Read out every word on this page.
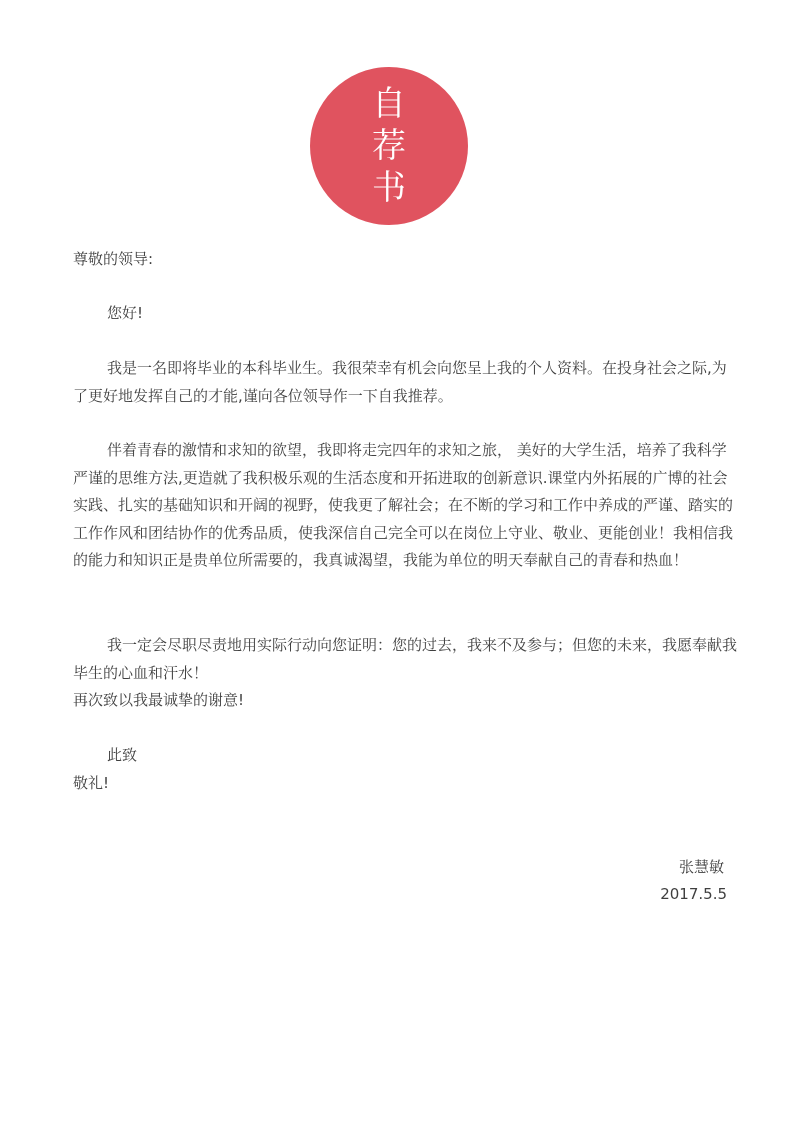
自
荐
书

尊敬的领导:

您好!

我是一名即将毕业的本科毕业生。我很荣幸有机会向您呈上我的个人资料。在投身社会之际,为了更好地发挥自己的才能,谨向各位领导作一下自我推荐。

伴着青春的激情和求知的欲望，我即将走完四年的求知之旅， 美好的大学生活，培养了我科学严谨的思维方法,更造就了我积极乐观的生活态度和开拓进取的创新意识.课堂内外拓展的广博的社会实践、扎实的基础知识和开阔的视野，使我更了解社会；在不断的学习和工作中养成的严谨、踏实的工作作风和团结协作的优秀品质，使我深信自己完全可以在岗位上守业、敬业、更能创业！我相信我的能力和知识正是贵单位所需要的，我真诚渴望，我能为单位的明天奉献自己的青春和热血！

我一定会尽职尽责地用实际行动向您证明：您的过去，我来不及参与；但您的未来，我愿奉献我毕生的心血和汗水！

再次致以我最诚挚的谢意!

此致

敬礼!

张慧敏
2017.5.5
